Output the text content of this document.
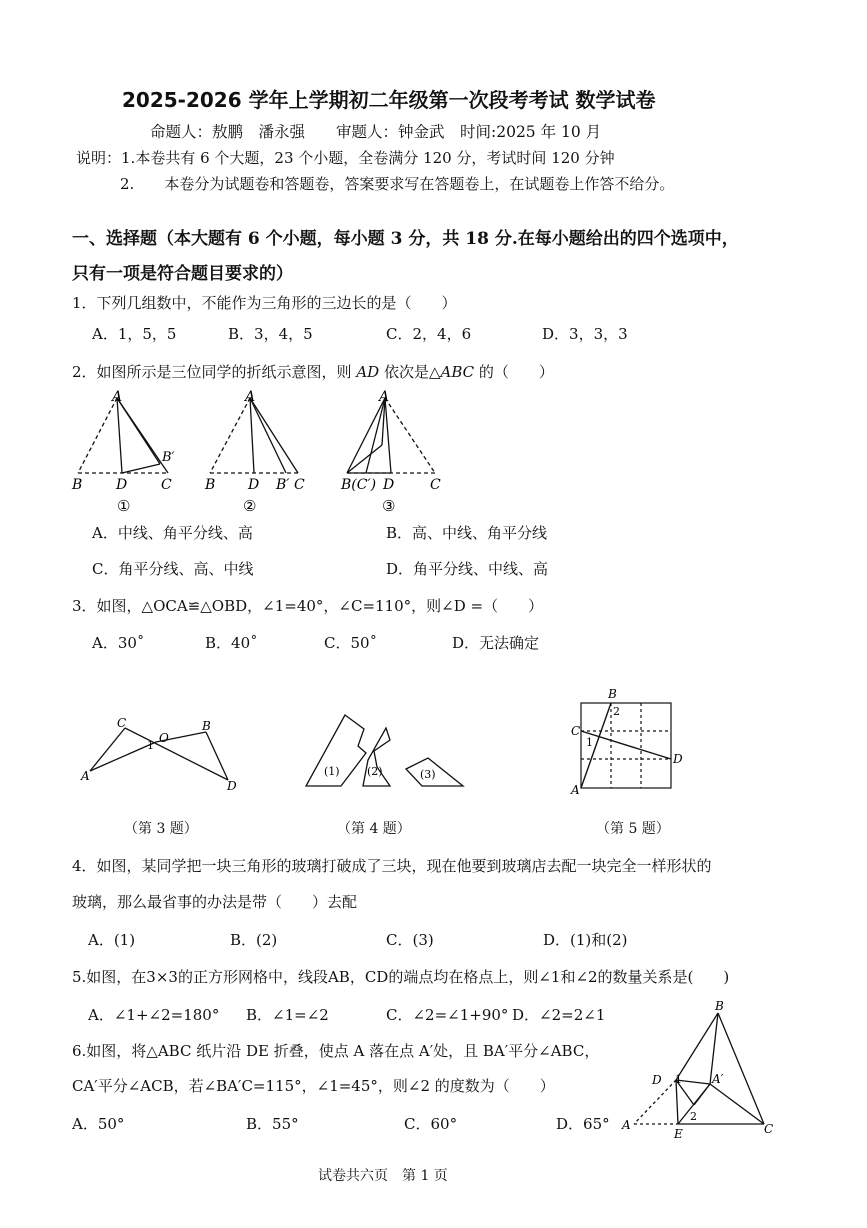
2025-2026 学年上学期初二年级第一次段考考试 数学试卷
命题人：敖鹏　潘永强　　审题人：钟金武　时间:2025 年 10 月
说明：1.本卷共有 6 个大题，23 个小题，全卷满分 120 分，考试时间 120 分钟
2. 本卷分为试题卷和答题卷，答案要求写在答题卷上，在试题卷上作答不给分。
一、选择题（本大题有 6 个小题，每小题 3 分，共 18 分.在每小题给出的四个选项中，
只有一项是符合题目要求的）
1．下列几组数中，不能作为三角形的三边长的是（　　）
A．1，5，5	B．3，4，5	C．2，4，6	D．3，3，3
2．如图所示是三位同学的折纸示意图，则 AD 依次是△ABC 的（　　）
A
B D C
B′
①
A
B D B′ C
②
A
B(C′) D	C
③
A．中线、角平分线、高	B．高、中线、角平分线
C．角平分线、高、中线	D．角平分线、中线、高
3．如图，△OCA≌△OBD，∠1=40°，∠C=110°，则∠D =（　　）
A．30˚	B．40˚	C．50˚	D．无法确定
C
A
O
1
B
D
(1) (2)	(3)
B
2
C
1
D
A
（第 3 题）	（第 4 题）	（第 5 题）
4．如图，某同学把一块三角形的玻璃打破成了三块，现在他要到玻璃店去配一块完全一样形状的
玻璃，那么最省事的办法是带（　　）去配
A．(1)	B．(2)	C．(3)	D．(1)和(2)
5.如图，在3×3的正方形网格中，线段AB，CD的端点均在格点上，则∠1和∠2的数量关系是(　　)
A．∠1+∠2=180° B．∠1=∠2	C．∠2=∠1+90° D．∠2=2∠1
6.如图，将△ABC 纸片沿 DE 折叠，使点 A 落在点 A′处，且 BA′平分∠ABC，
CA′平分∠ACB，若∠BA′C=115°，∠1=45°，则∠2 的度数为（　　）
A．50°	B．55°	C．60°	D．65°
B
D 1	A′
2
A
E	C
试卷共六页　第 1 页
